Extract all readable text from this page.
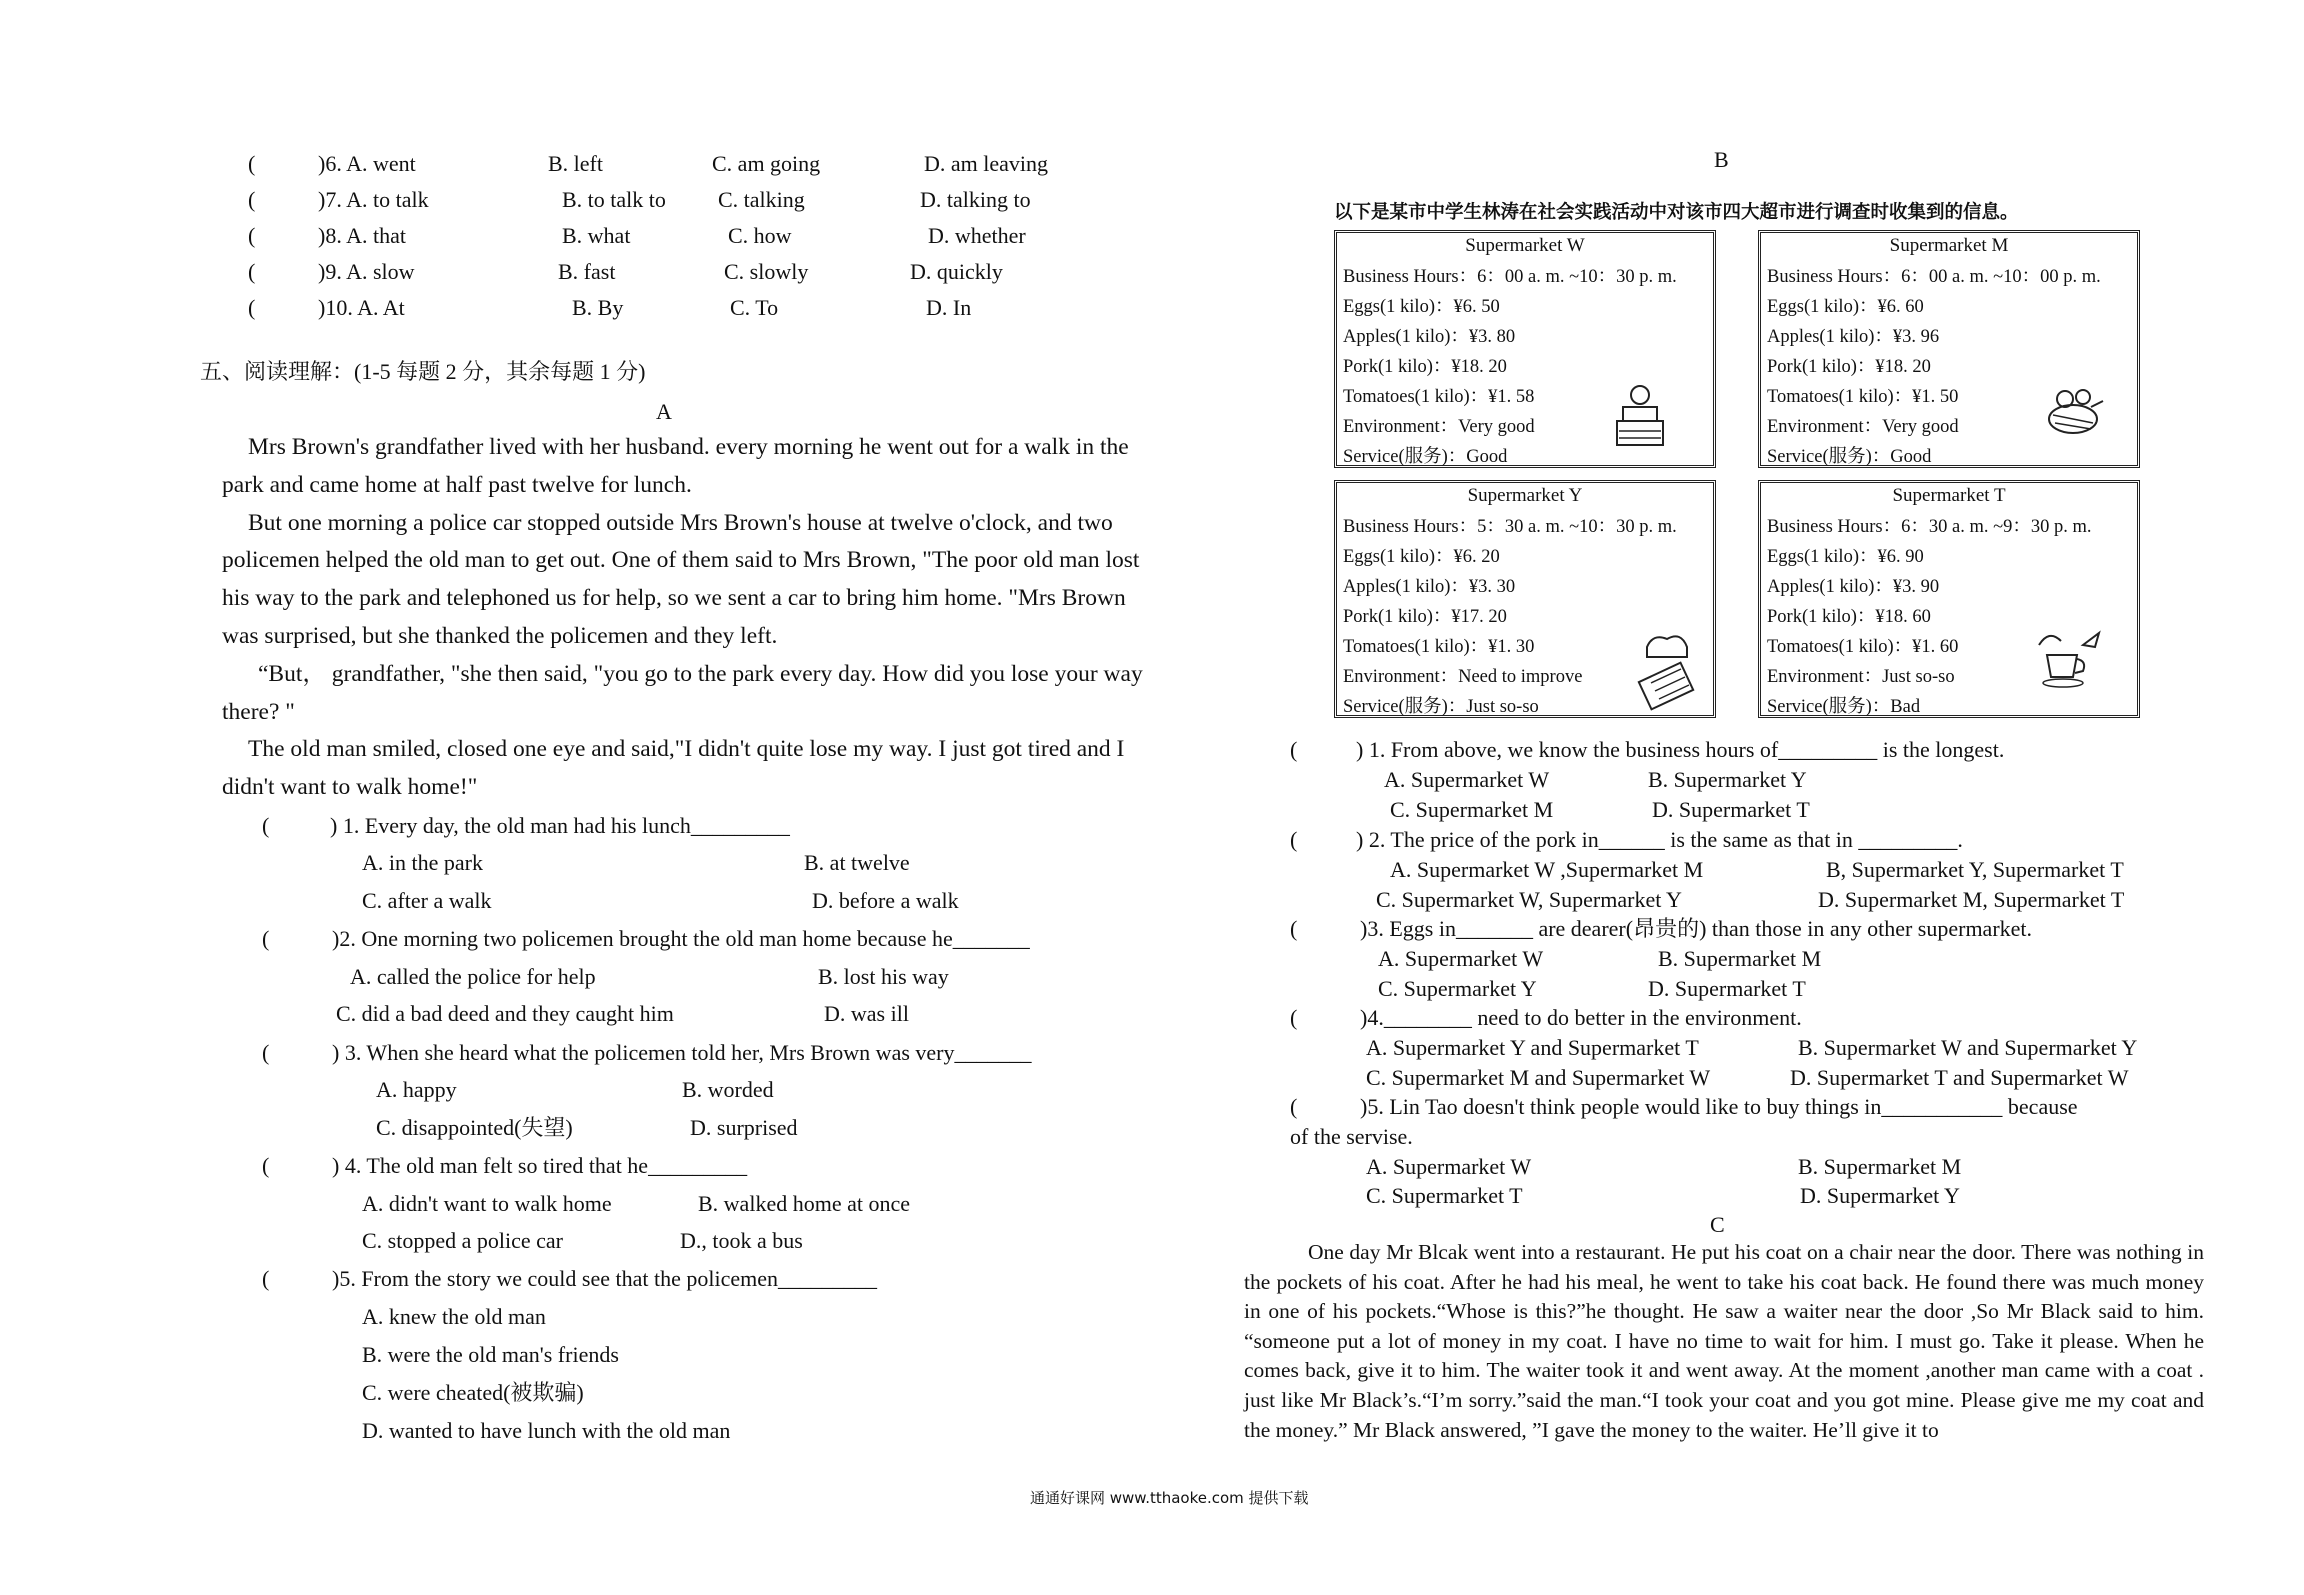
(	)6. A. went	B. left	C. am going	D. am leaving
(	)7. A. to talk	B. to talk to C. talking	D. talking to
(	)8. A. that	B. what	C. how	D. whether
(	)9. A. slow	B. fast	C. slowly	D. quickly
(	)10. A. At	B. By	C. To	D. In
五、阅读理解：(1-5 每题 2 分，其余每题 1 分)
A
Mrs Brown's grandfather lived with her husband. every morning he went out for a walk in the park and came home at half past twelve for lunch.
But one morning a police car stopped outside Mrs Brown's house at twelve o'clock, and two policemen helped the old man to get out. One of them said to Mrs Brown, "The poor old man lost his way to the park and telephoned us for help, so we sent a car to bring him home. "Mrs Brown was surprised, but she thanked the policemen and they left.
“But， grandfather, "she then said, "you go to the park every day. How did you lose your way there? "
The old man smiled, closed one eye and said,"I didn't quite lose my way. I just got tired and I didn't want to walk home!"
(	) 1. Every day, the old man had his lunch_________
A. in the park	B. at twelve
C. after a walk	D. before a walk
(	)2. One morning two policemen brought the old man home because he_______
A. called the police for help	B. lost his way
C. did a bad deed and they caught him	D. was ill
(	) 3. When she heard what the policemen told her, Mrs Brown was very_______
A. happy	B. worded
C. disappointed(失望)	D. surprised
(	) 4. The old man felt so tired that he_________
A. didn't want to walk home	B. walked home at once
C. stopped a police car	D., took a bus
(	)5. From the story we could see that the policemen_________
A. knew the old man
B. were the old man's friends
C. were cheated(被欺骗)
D. wanted to have lunch with the old man
B
以下是某市中学生林涛在社会实践活动中对该市四大超市进行调查时收集到的信息。
Supermarket W
Business Hours：6：00 a. m. ~10：30 p. m.
Eggs(1 kilo)：¥6. 50
Apples(1 kilo)：¥3. 80
Pork(1 kilo)：¥18. 20
Tomatoes(1 kilo)：¥1. 58
Environment：Very good
Service(服务)：Good
Supermarket M
Business Hours：6：00 a. m. ~10：00 p. m.
Eggs(1 kilo)：¥6. 60
Apples(1 kilo)：¥3. 96
Pork(1 kilo)：¥18. 20
Tomatoes(1 kilo)：¥1. 50
Environment：Very good
Service(服务)：Good
Supermarket Y
Business Hours：5：30 a. m. ~10：30 p. m.
Eggs(1 kilo)：¥6. 20
Apples(1 kilo)：¥3. 30
Pork(1 kilo)：¥17. 20
Tomatoes(1 kilo)：¥1. 30
Environment：Need to improve
Service(服务)：Just so-so
Supermarket T
Business Hours：6：30 a. m. ~9：30 p. m.
Eggs(1 kilo)：¥6. 90
Apples(1 kilo)：¥3. 90
Pork(1 kilo)：¥18. 60
Tomatoes(1 kilo)：¥1. 60
Environment：Just so-so
Service(服务)：Bad
(	) 1. From above, we know the business hours of_________ is the longest.
A. Supermarket W	B. Supermarket Y
C. Supermarket M	D. Supermarket T
(	) 2. The price of the pork in______ is the same as that in _________.
A. Supermarket W ,Supermarket M	B, Supermarket Y, Supermarket T
C. Supermarket W, Supermarket Y	D. Supermarket M, Supermarket T
(	)3. Eggs in_______ are dearer(昂贵的) than those in any other supermarket.
A. Supermarket W	B. Supermarket M
C. Supermarket Y	D. Supermarket T
(	)4.________ need to do better in the environment.
A. Supermarket Y and Supermarket T	B. Supermarket W and Supermarket Y
C. Supermarket M and Supermarket W	D. Supermarket T and Supermarket W
(	)5. Lin Tao doesn't think people would like to buy things in___________ because
of the servise.
A. Supermarket W	B. Supermarket M
C. Supermarket T	D. Supermarket Y
C
One day Mr Blcak went into a restaurant. He put his coat on a chair near the door. There was nothing in the pockets of his coat. After he had his meal, he went to take his coat back. He found there was much money in one of his pockets.“Whose is this?”he thought. He saw a waiter near the door ,So Mr Black said to him. “someone put a lot of money in my coat. I have no time to wait for him. I must go. Take it please. When he comes back, give it to him. The waiter took it and went away. At the moment ,another man came with a coat . just like Mr Black’s.“I’m sorry.”said the man.“I took your coat and you got mine. Please give me my coat and the money.” Mr Black answered, ”I gave the money to the waiter. He’ll give it to
通通好课网 www.tthaoke.com 提供下载
